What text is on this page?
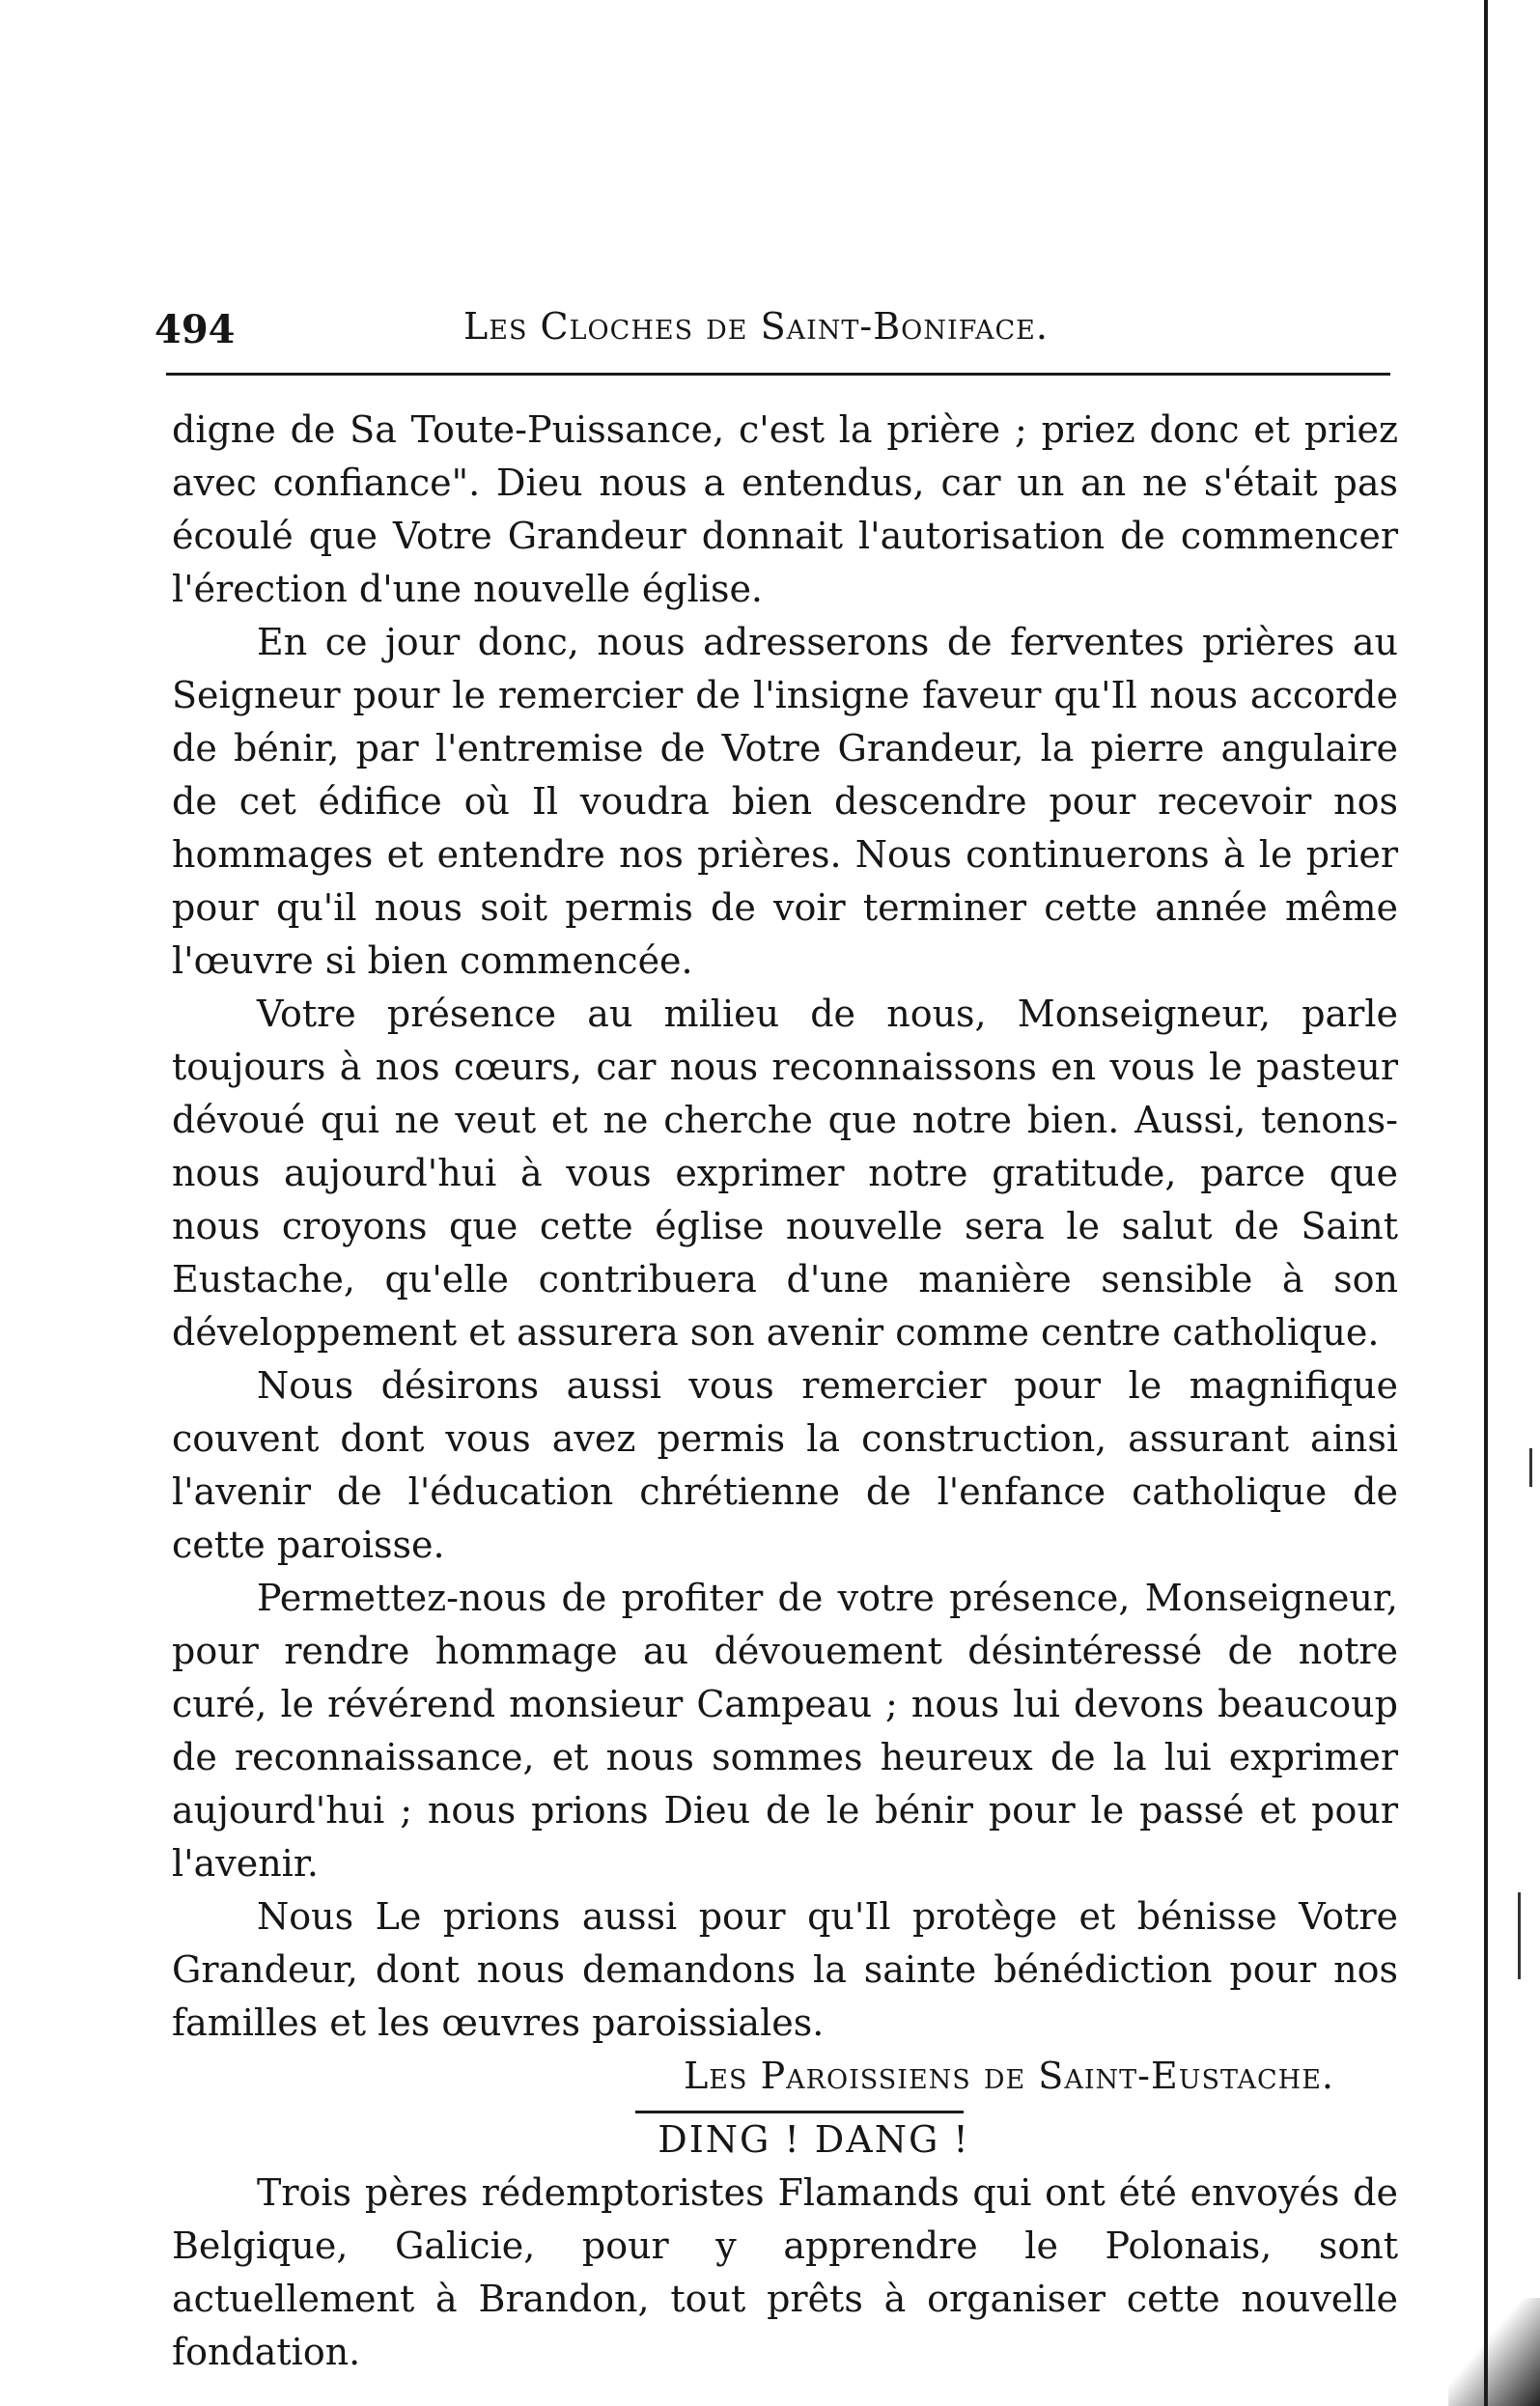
494	Les Cloches de Saint-Boniface.

digne de Sa Toute-Puissance, c'est la prière ; priez donc et priez avec confiance". Dieu nous a entendus, car un an ne s'était pas écoulé que Votre Grandeur donnait l'autorisation de commencer l'érection d'une nouvelle église.

En ce jour donc, nous adresserons de ferventes prières au Seigneur pour le remercier de l'insigne faveur qu'Il nous accorde de bénir, par l'entremise de Votre Grandeur, la pierre angulaire de cet édifice où Il voudra bien descendre pour recevoir nos hommages et entendre nos prières. Nous continuerons à le prier pour qu'il nous soit permis de voir terminer cette année même l'œuvre si bien commencée.

Votre présence au milieu de nous, Monseigneur, parle toujours à nos cœurs, car nous reconnaissons en vous le pasteur dévoué qui ne veut et ne cherche que notre bien. Aussi, tenons-nous aujourd'hui à vous exprimer notre gratitude, parce que nous croyons que cette église nouvelle sera le salut de Saint Eustache, qu'elle contribuera d'une manière sensible à son développement et assurera son avenir comme centre catholique.

Nous désirons aussi vous remercier pour le magnifique couvent dont vous avez permis la construction, assurant ainsi l'avenir de l'éducation chrétienne de l'enfance catholique de cette paroisse.

Permettez-nous de profiter de votre présence, Monseigneur, pour rendre hommage au dévouement désintéressé de notre curé, le révérend monsieur Campeau ; nous lui devons beaucoup de reconnaissance, et nous sommes heureux de la lui exprimer aujourd'hui ; nous prions Dieu de le bénir pour le passé et pour l'avenir.

Nous Le prions aussi pour qu'Il protège et bénisse Votre Grandeur, dont nous demandons la sainte bénédiction pour nos familles et les œuvres paroissiales.

Les Paroissiens de Saint-Eustache.

DING ! DANG !

Trois pères rédemptoristes Flamands qui ont été envoyés de Belgique, Galicie, pour y apprendre le Polonais, sont actuellement à Brandon, tout prêts à organiser cette nouvelle fondation.
